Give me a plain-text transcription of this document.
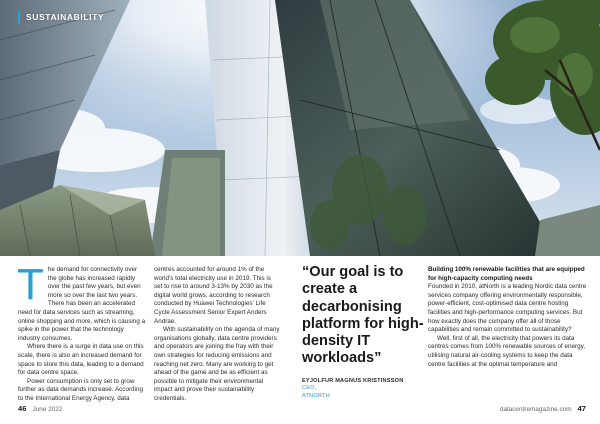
SUSTAINABILITY

The demand for connectivity over the globe has increased rapidly over the past few years, but even more so over the last two years. There has been an accelerated need for data services such as streaming, online shopping and more, which is causing a spike in the power that the technology industry consumes.

Where there is a surge in data use on this scale, there is also an increased demand for space to store this data, leading to a demand for data centre space.

Power consumption is only set to grow further as data demands increase. According to the International Energy Agency, data

centres accounted for around 1% of the world's total electricity use in 2019. This is set to rise to around 3-13% by 2030 as the digital world grows, according to research conducted by Huawei Technologies' Life Cycle Assessment Senior Expert Anders Andrae.

With sustainability on the agenda of many organisations globally, data centre providers and operators are joining the fray with their own strategies for reducing emissions and reaching net zero. Many are working to get ahead of the game and be as efficient as possible to mitigate their environmental impact and prove their sustainability credentials.

“Our goal is to create a decarbonising platform for high-density IT workloads”

EYJOLFUR MAGNUS KRISTINSSON
CEO,
ATNORTH

Building 100% renewable facilities that are equipped for high-capacity computing needs

Founded in 2010, atNorth is a leading Nordic data centre services company offering environmentally responsible, power-efficient, cost-optimised data centre hosting facilities and high-performance computing services. But how exactly does the company offer all of those capabilities and remain committed to sustainability?

Well, first of all, the electricity that powers its data centres comes from 100% renewable sources of energy, utilising natural air-cooling systems to keep the data centre facilities at the optimal temperature and

46 June 2022	datacentremagazine.com 47
